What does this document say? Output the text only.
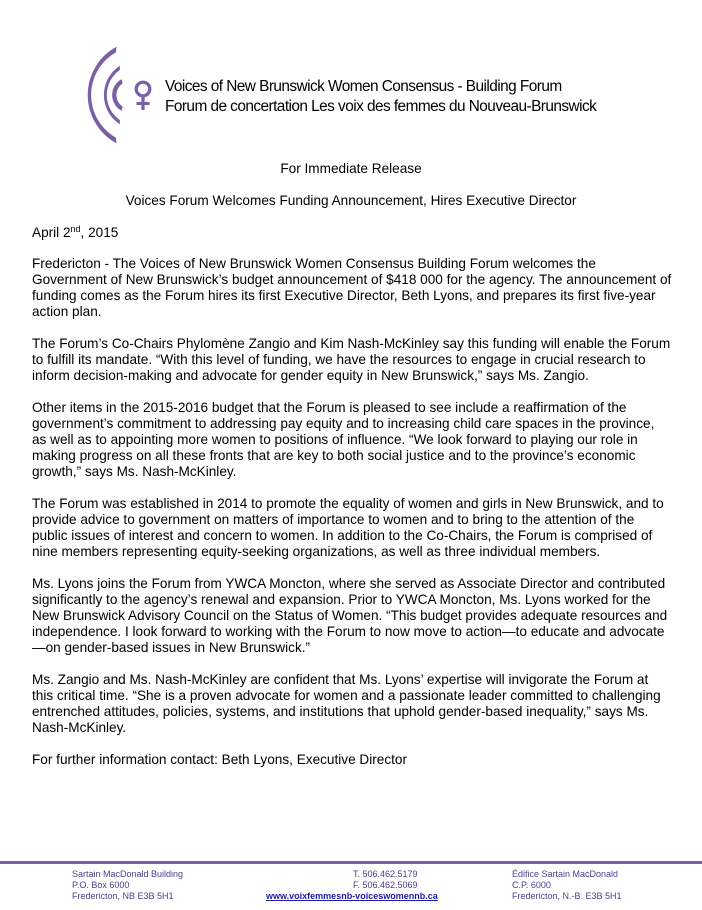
Voices of New Brunswick Women Consensus - Building Forum
Forum de concertation Les voix des femmes du Nouveau-Brunswick
For Immediate Release
Voices Forum Welcomes Funding Announcement, Hires Executive Director

April 2nd, 2015

Fredericton - The Voices of New Brunswick Women Consensus Building Forum welcomes the Government of New Brunswick’s budget announcement of $418 000 for the agency. The announcement of funding comes as the Forum hires its first Executive Director, Beth Lyons, and prepares its first five-year action plan.

The Forum’s Co-Chairs Phylomène Zangio and Kim Nash-McKinley say this funding will enable the Forum to fulfill its mandate. “With this level of funding, we have the resources to engage in crucial research to inform decision-making and advocate for gender equity in New Brunswick,” says Ms. Zangio.

Other items in the 2015-2016 budget that the Forum is pleased to see include a reaffirmation of the government’s commitment to addressing pay equity and to increasing child care spaces in the province, as well as to appointing more women to positions of influence. “We look forward to playing our role in making progress on all these fronts that are key to both social justice and to the province’s economic growth,” says Ms. Nash-McKinley.

The Forum was established in 2014 to promote the equality of women and girls in New Brunswick, and to provide advice to government on matters of importance to women and to bring to the attention of the public issues of interest and concern to women. In addition to the Co-Chairs, the Forum is comprised of nine members representing equity-seeking organizations, as well as three individual members.

Ms. Lyons joins the Forum from YWCA Moncton, where she served as Associate Director and contributed significantly to the agency’s renewal and expansion. Prior to YWCA Moncton, Ms. Lyons worked for the New Brunswick Advisory Council on the Status of Women. “This budget provides adequate resources and independence. I look forward to working with the Forum to now move to action—to educate and advocate—on gender-based issues in New Brunswick.”

Ms. Zangio and Ms. Nash-McKinley are confident that Ms. Lyons’ expertise will invigorate the Forum at this critical time. “She is a proven advocate for women and a passionate leader committed to challenging entrenched attitudes, policies, systems, and institutions that uphold gender-based inequality,” says Ms. Nash-McKinley.

For further information contact: Beth Lyons, Executive Director

Sartain MacDonald Building
P.O. Box 6000
Fredericton, NB E3B 5H1
T. 506.462.5179
F. 506.462.5069
www.voixfemmesnb-voiceswomennb.ca
Édifice Sartain MacDonald
C.P. 6000
Fredericton, N.-B. E3B 5H1
